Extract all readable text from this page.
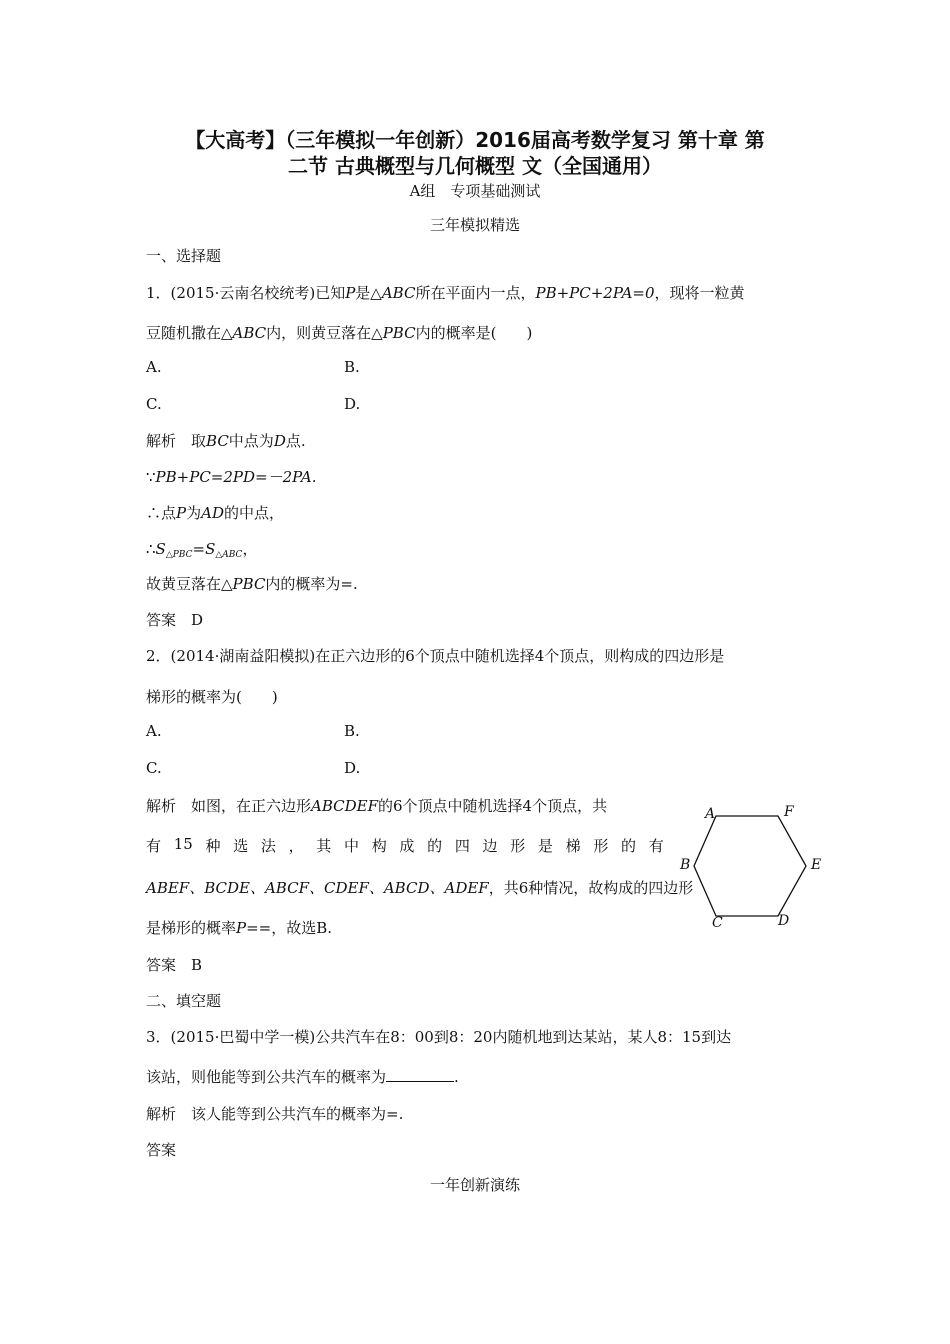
【大高考】（三年模拟一年创新）2016届高考数学复习 第十章 第
二节 古典概型与几何概型 文（全国通用）
A组　专项基础测试
三年模拟精选
一、选择题
1．(2015·云南名校统考)已知P是△ABC所在平面内一点，PB+PC+2PA=0，现将一粒黄
豆随机撒在△ABC内，则黄豆落在△PBC内的概率是(　　)
A.	B.
C.	D.
解析　取BC中点为D点.
∵PB+PC=2PD=－2PA.
∴点P为AD的中点，
$\therefore S_{\triangle PBC}=S_{\triangle ABC}$，
故黄豆落在△PBC内的概率为=.
答案　D
2．(2014·湖南益阳模拟)在正六边形的6个顶点中随机选择4个顶点，则构成的四边形是
梯形的概率为(　　)
A.	B.
C.	D.
解析　如图，在正六边形ABCDEF的6个顶点中随机选择4个顶点，共
有 15 种 选 法 ， 其 中 构 成 的 四 边 形 是 梯 形 的 有
ABEF、BCDE、ABCF、CDEF、ABCD、ADEF，共6种情况，故构成的四边形
是梯形的概率P==，故选B.
答案　B
A	F
B	E
C	D
二、填空题
3．(2015·巴蜀中学一模)公共汽车在8：00到8：20内随机地到达某站，某人8：15到达
该站，则他能等到公共汽车的概率为	.
解析　该人能等到公共汽车的概率为=.
答案
一年创新演练
